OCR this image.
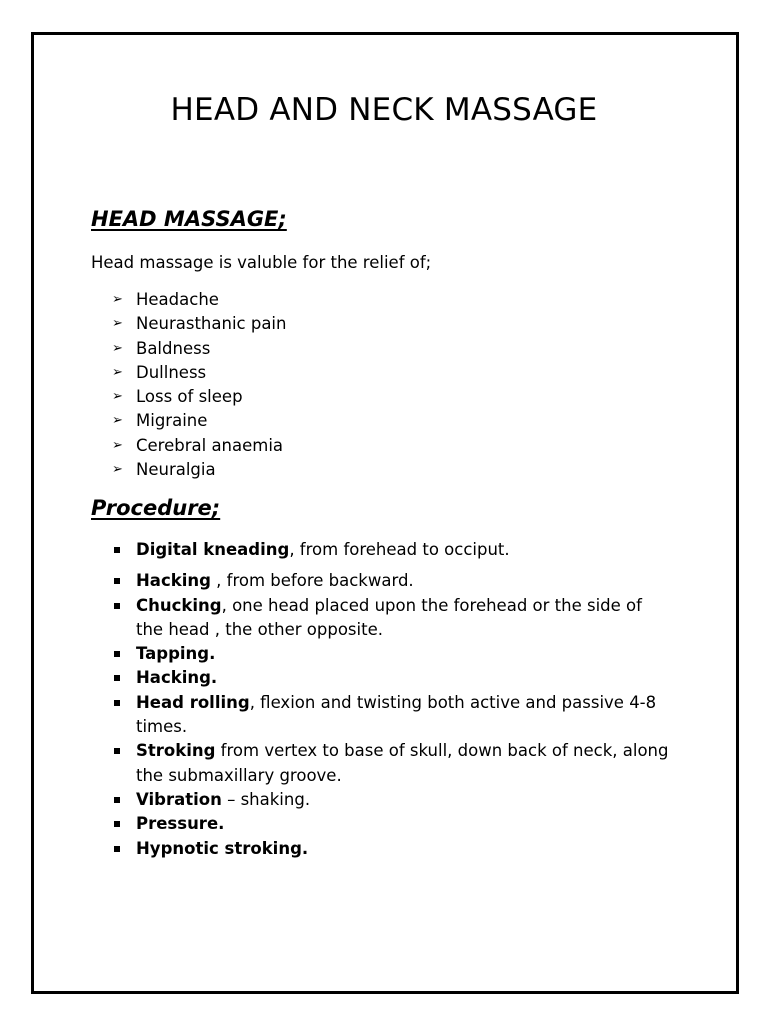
HEAD AND NECK MASSAGE
HEAD MASSAGE;

Head massage is valuble for the relief of;

➢ Headache
➢ Neurasthanic pain
➢ Baldness
➢ Dullness
➢ Loss of sleep
➢ Migraine
➢ Cerebral anaemia
➢ Neuralgia
Procedure;
Digital kneading, from forehead to occiput.
Hacking , from before backward.
Chucking, one head placed upon the forehead or the side of the head , the other opposite.
Tapping.
Hacking.
Head rolling, flexion and twisting both active and passive 4-8 times.
Stroking from vertex to base of skull, down back of neck, along the submaxillary groove.
Vibration – shaking.
Pressure.
Hypnotic stroking.
